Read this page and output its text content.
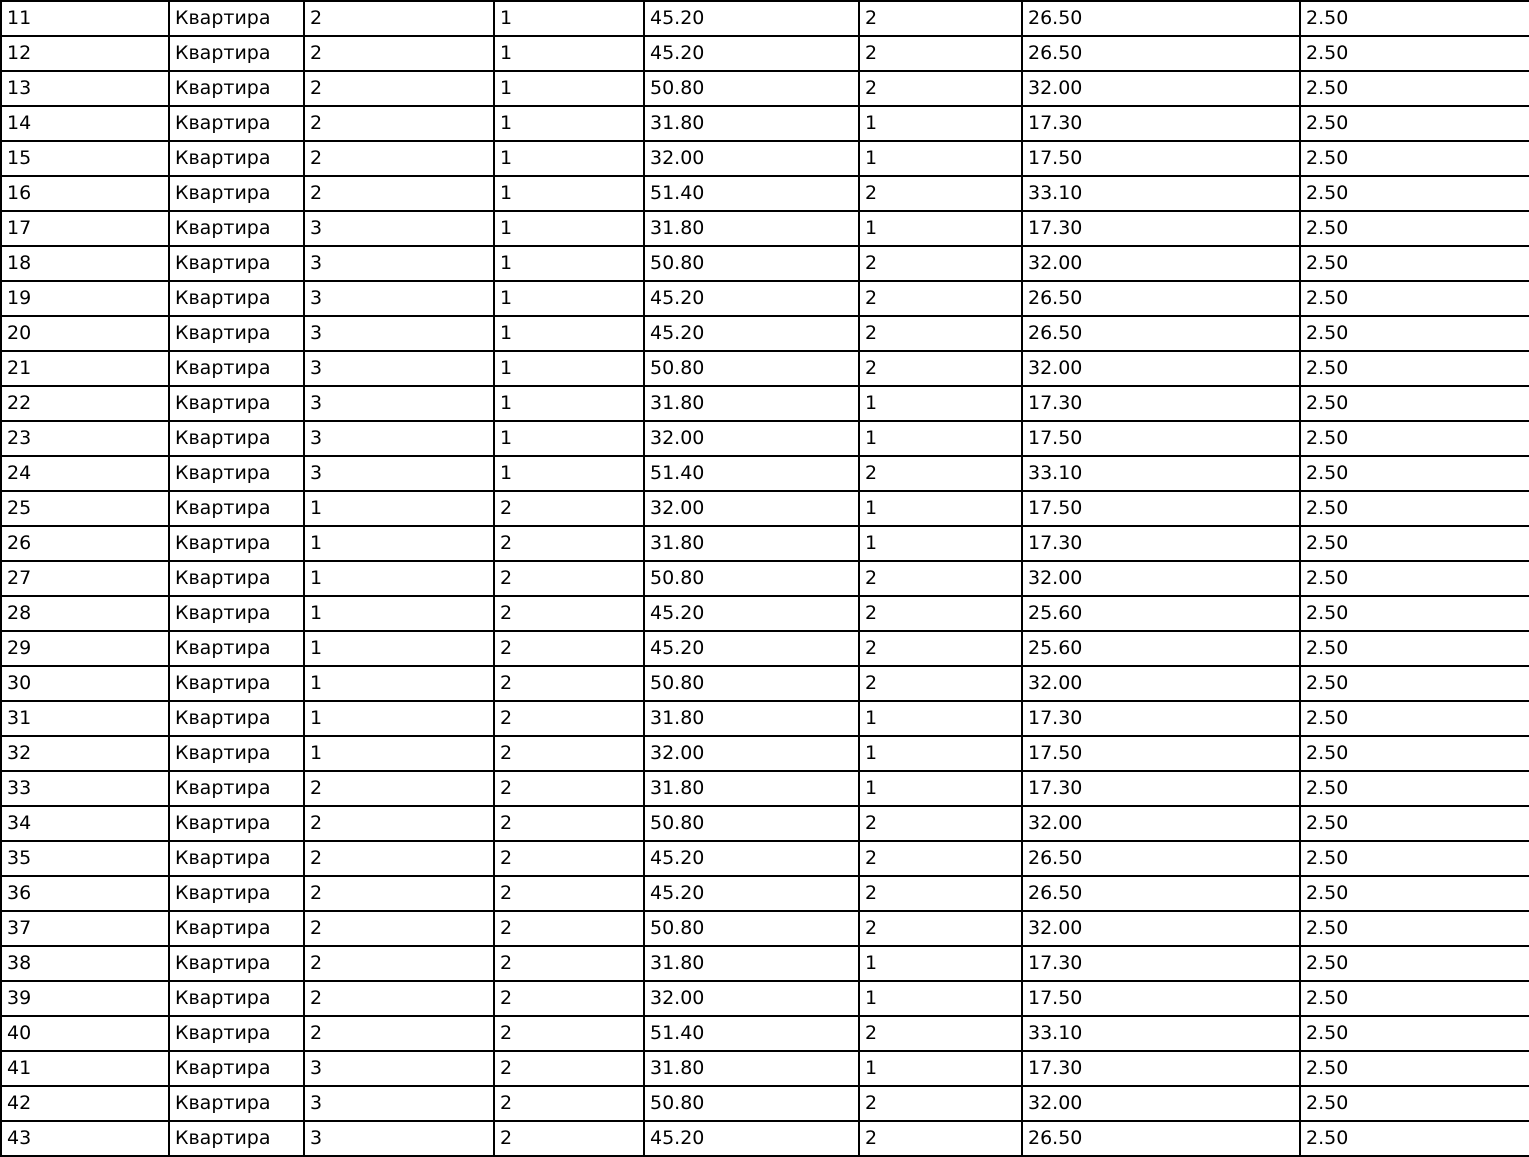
11	Квартира	2	1	45.20	2	26.50	2.50
12	Квартира	2	1	45.20	2	26.50	2.50
13	Квартира	2	1	50.80	2	32.00	2.50
14	Квартира	2	1	31.80	1	17.30	2.50
15	Квартира	2	1	32.00	1	17.50	2.50
16	Квартира	2	1	51.40	2	33.10	2.50
17	Квартира	3	1	31.80	1	17.30	2.50
18	Квартира	3	1	50.80	2	32.00	2.50
19	Квартира	3	1	45.20	2	26.50	2.50
20	Квартира	3	1	45.20	2	26.50	2.50
21	Квартира	3	1	50.80	2	32.00	2.50
22	Квартира	3	1	31.80	1	17.30	2.50
23	Квартира	3	1	32.00	1	17.50	2.50
24	Квартира	3	1	51.40	2	33.10	2.50
25	Квартира	1	2	32.00	1	17.50	2.50
26	Квартира	1	2	31.80	1	17.30	2.50
27	Квартира	1	2	50.80	2	32.00	2.50
28	Квартира	1	2	45.20	2	25.60	2.50
29	Квартира	1	2	45.20	2	25.60	2.50
30	Квартира	1	2	50.80	2	32.00	2.50
31	Квартира	1	2	31.80	1	17.30	2.50
32	Квартира	1	2	32.00	1	17.50	2.50
33	Квартира	2	2	31.80	1	17.30	2.50
34	Квартира	2	2	50.80	2	32.00	2.50
35	Квартира	2	2	45.20	2	26.50	2.50
36	Квартира	2	2	45.20	2	26.50	2.50
37	Квартира	2	2	50.80	2	32.00	2.50
38	Квартира	2	2	31.80	1	17.30	2.50
39	Квартира	2	2	32.00	1	17.50	2.50
40	Квартира	2	2	51.40	2	33.10	2.50
41	Квартира	3	2	31.80	1	17.30	2.50
42	Квартира	3	2	50.80	2	32.00	2.50
43	Квартира	3	2	45.20	2	26.50	2.50
